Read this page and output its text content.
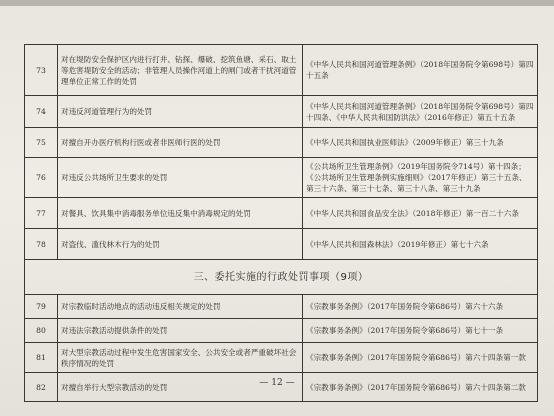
73	对在堤防安全保护区内进行打井、钻探、爆破、挖筑鱼塘、采石、取土等危害堤防安全的活动；非管理人员操作河道上的闸门或者干扰河道管理单位正常工作的处罚	《中华人民共和国河道管理条例》（2018年国务院令第698号）第四十五条
74	对违反河道管理行为的处罚	《中华人民共和国河道管理条例》（2018年国务院令第698号）第四十四条、《中华人民共和国防洪法》（2016年修正）第五十五条
75	对擅自开办医疗机构行医或者非医师行医的处罚	《中华人民共和国执业医师法》（2009年修正）第三十九条
76	对违反公共场所卫生要求的处罚	《公共场所卫生管理条例》（2019年国务院令714号）第十四条；《公共场所卫生管理条例实施细则》（2017年修正）第三十五条、第三十六条、第三十七条、第三十八条、第三十九条
77	对餐具、饮具集中消毒服务单位违反集中消毒规定的处罚	《中华人民共和国食品安全法》（2018年修正）第一百二十六条
78	对盗伐、滥伐林木行为的处罚	《中华人民共和国森林法》（2019年修正）第七十六条
三、委托实施的行政处罚事项（9项）		
79	对宗教临时活动地点的活动违反相关规定的处罚	《宗教事务条例》（2017年国务院令第686号）第六十六条
80	对违法宗教活动提供条件的处罚	《宗教事务条例》（2017年国务院令第686号）第七十一条
81	对大型宗教活动过程中发生危害国家安全、公共安全或者严重破坏社会秩序情况的处罚	《宗教事务条例》（2017年国务院令第686号）第六十四条第一款
82	对擅自举行大型宗教活动的处罚	《宗教事务条例》（2017年国务院令第686号）第六十四条第二款
— 12 —
